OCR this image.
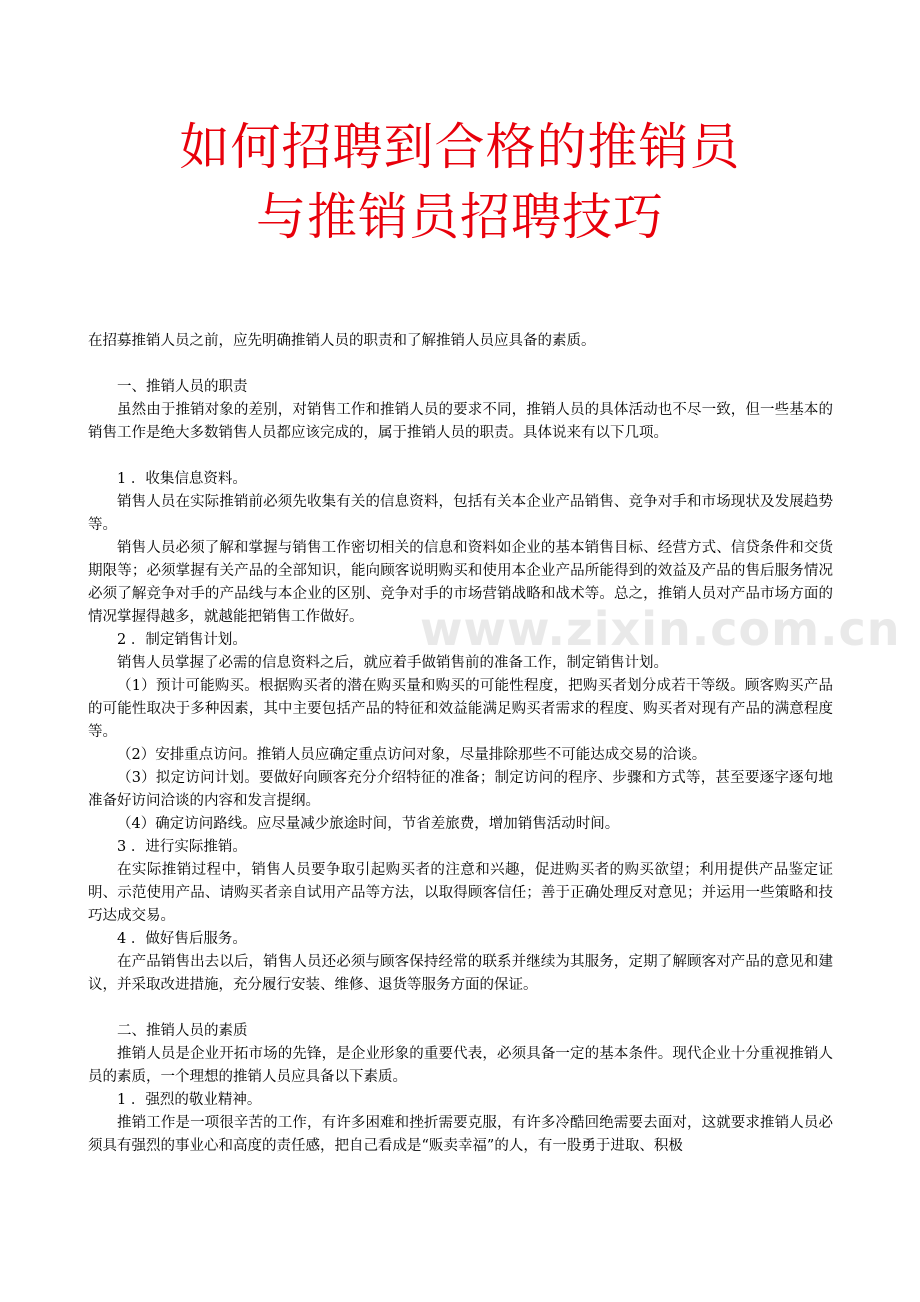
www.zixin.com.cn
如何招聘到合格的推销员
与推销员招聘技巧

在招募推销人员之前，应先明确推销人员的职责和了解推销人员应具备的素质。

一、推销人员的职责

虽然由于推销对象的差别，对销售工作和推销人员的要求不同，推销人员的具体活动也不尽一致，但一些基本的销售工作是绝大多数销售人员都应该完成的，属于推销人员的职责。具体说来有以下几项。

1 ．收集信息资料。

销售人员在实际推销前必须先收集有关的信息资料，包括有关本企业产品销售、竞争对手和市场现状及发展趋势等。

销售人员必须了解和掌握与销售工作密切相关的信息和资料如企业的基本销售目标、经营方式、信贷条件和交货期限等；必须掌握有关产品的全部知识，能向顾客说明购买和使用本企业产品所能得到的效益及产品的售后服务情况 必须了解竞争对手的产品线与本企业的区别、竞争对手的市场营销战略和战术等。总之，推销人员对产品市场方面的情况掌握得越多，就越能把销售工作做好。

2 ．制定销售计划。

销售人员掌握了必需的信息资料之后，就应着手做销售前的准备工作，制定销售计划。

（1）预计可能购买。根据购买者的潜在购买量和购买的可能性程度，把购买者划分成若干等级。顾客购买产品的可能性取决于多种因素，其中主要包括产品的特征和效益能满足购买者需求的程度、购买者对现有产品的满意程度等。

（2）安排重点访问。推销人员应确定重点访问对象，尽量排除那些不可能达成交易的洽谈。

（3）拟定访问计划。要做好向顾客充分介绍特征的准备；制定访问的程序、步骤和方式等，甚至要逐字逐句地准备好访问洽谈的内容和发言提纲。

（4）确定访问路线。应尽量减少旅途时间，节省差旅费，增加销售活动时间。

3 ．进行实际推销。

在实际推销过程中，销售人员要争取引起购买者的注意和兴趣，促进购买者的购买欲望；利用提供产品鉴定证明、示范使用产品、请购买者亲自试用产品等方法，以取得顾客信任；善于正确处理反对意见；并运用一些策略和技巧达成交易。

4 ．做好售后服务。

在产品销售出去以后，销售人员还必须与顾客保持经常的联系并继续为其服务，定期了解顾客对产品的意见和建议，并采取改进措施，充分履行安装、维修、退货等服务方面的保证。

二、推销人员的素质

推销人员是企业开拓市场的先锋，是企业形象的重要代表，必须具备一定的基本条件。现代企业十分重视推销人员的素质，一个理想的推销人员应具备以下素质。

1 ．强烈的敬业精神。

推销工作是一项很辛苦的工作，有许多困难和挫折需要克服，有许多冷酷回绝需要去面对，这就要求推销人员必须具有强烈的事业心和高度的责任感，把自己看成是“贩卖幸福”的人，有一股勇于进取、积极
